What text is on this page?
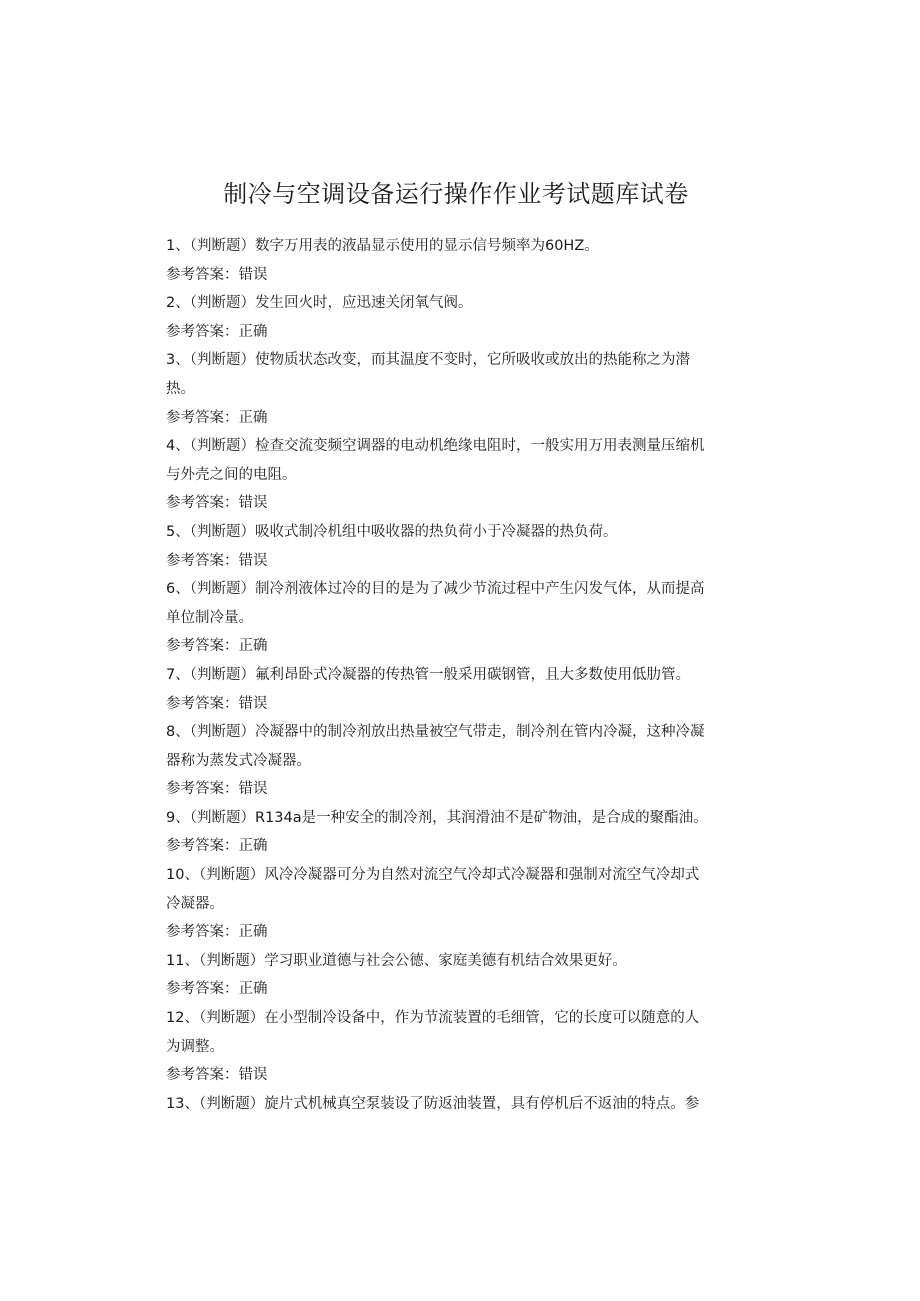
制冷与空调设备运行操作作业考试题库试卷
1、（判断题）数字万用表的液晶显示使用的显示信号频率为60HZ。
参考答案：错误
2、（判断题）发生回火时，应迅速关闭氧气阀。
参考答案：正确
3、（判断题）使物质状态改变，而其温度不变时，它所吸收或放出的热能称之为潜
热。
参考答案：正确
4、（判断题）检查交流变频空调器的电动机绝缘电阻时，一般实用万用表测量压缩机
与外壳之间的电阻。
参考答案：错误
5、（判断题）吸收式制冷机组中吸收器的热负荷小于冷凝器的热负荷。
参考答案：错误
6、（判断题）制冷剂液体过冷的目的是为了减少节流过程中产生闪发气体，从而提高
单位制冷量。
参考答案：正确
7、（判断题）氟利昂卧式冷凝器的传热管一般采用碳钢管，且大多数使用低肋管。
参考答案：错误
8、（判断题）冷凝器中的制冷剂放出热量被空气带走，制冷剂在管内冷凝，这种冷凝
器称为蒸发式冷凝器。
参考答案：错误
9、（判断题）R134a是一种安全的制冷剂，其润滑油不是矿物油，是合成的聚酯油。
参考答案：正确
10、（判断题）风冷冷凝器可分为自然对流空气冷却式冷凝器和强制对流空气冷却式
冷凝器。
参考答案：正确
11、（判断题）学习职业道德与社会公德、家庭美德有机结合效果更好。
参考答案：正确
12、（判断题）在小型制冷设备中，作为节流装置的毛细管，它的长度可以随意的人
为调整。
参考答案：错误
13、（判断题）旋片式机械真空泵装设了防返油装置，具有停机后不返油的特点。参
